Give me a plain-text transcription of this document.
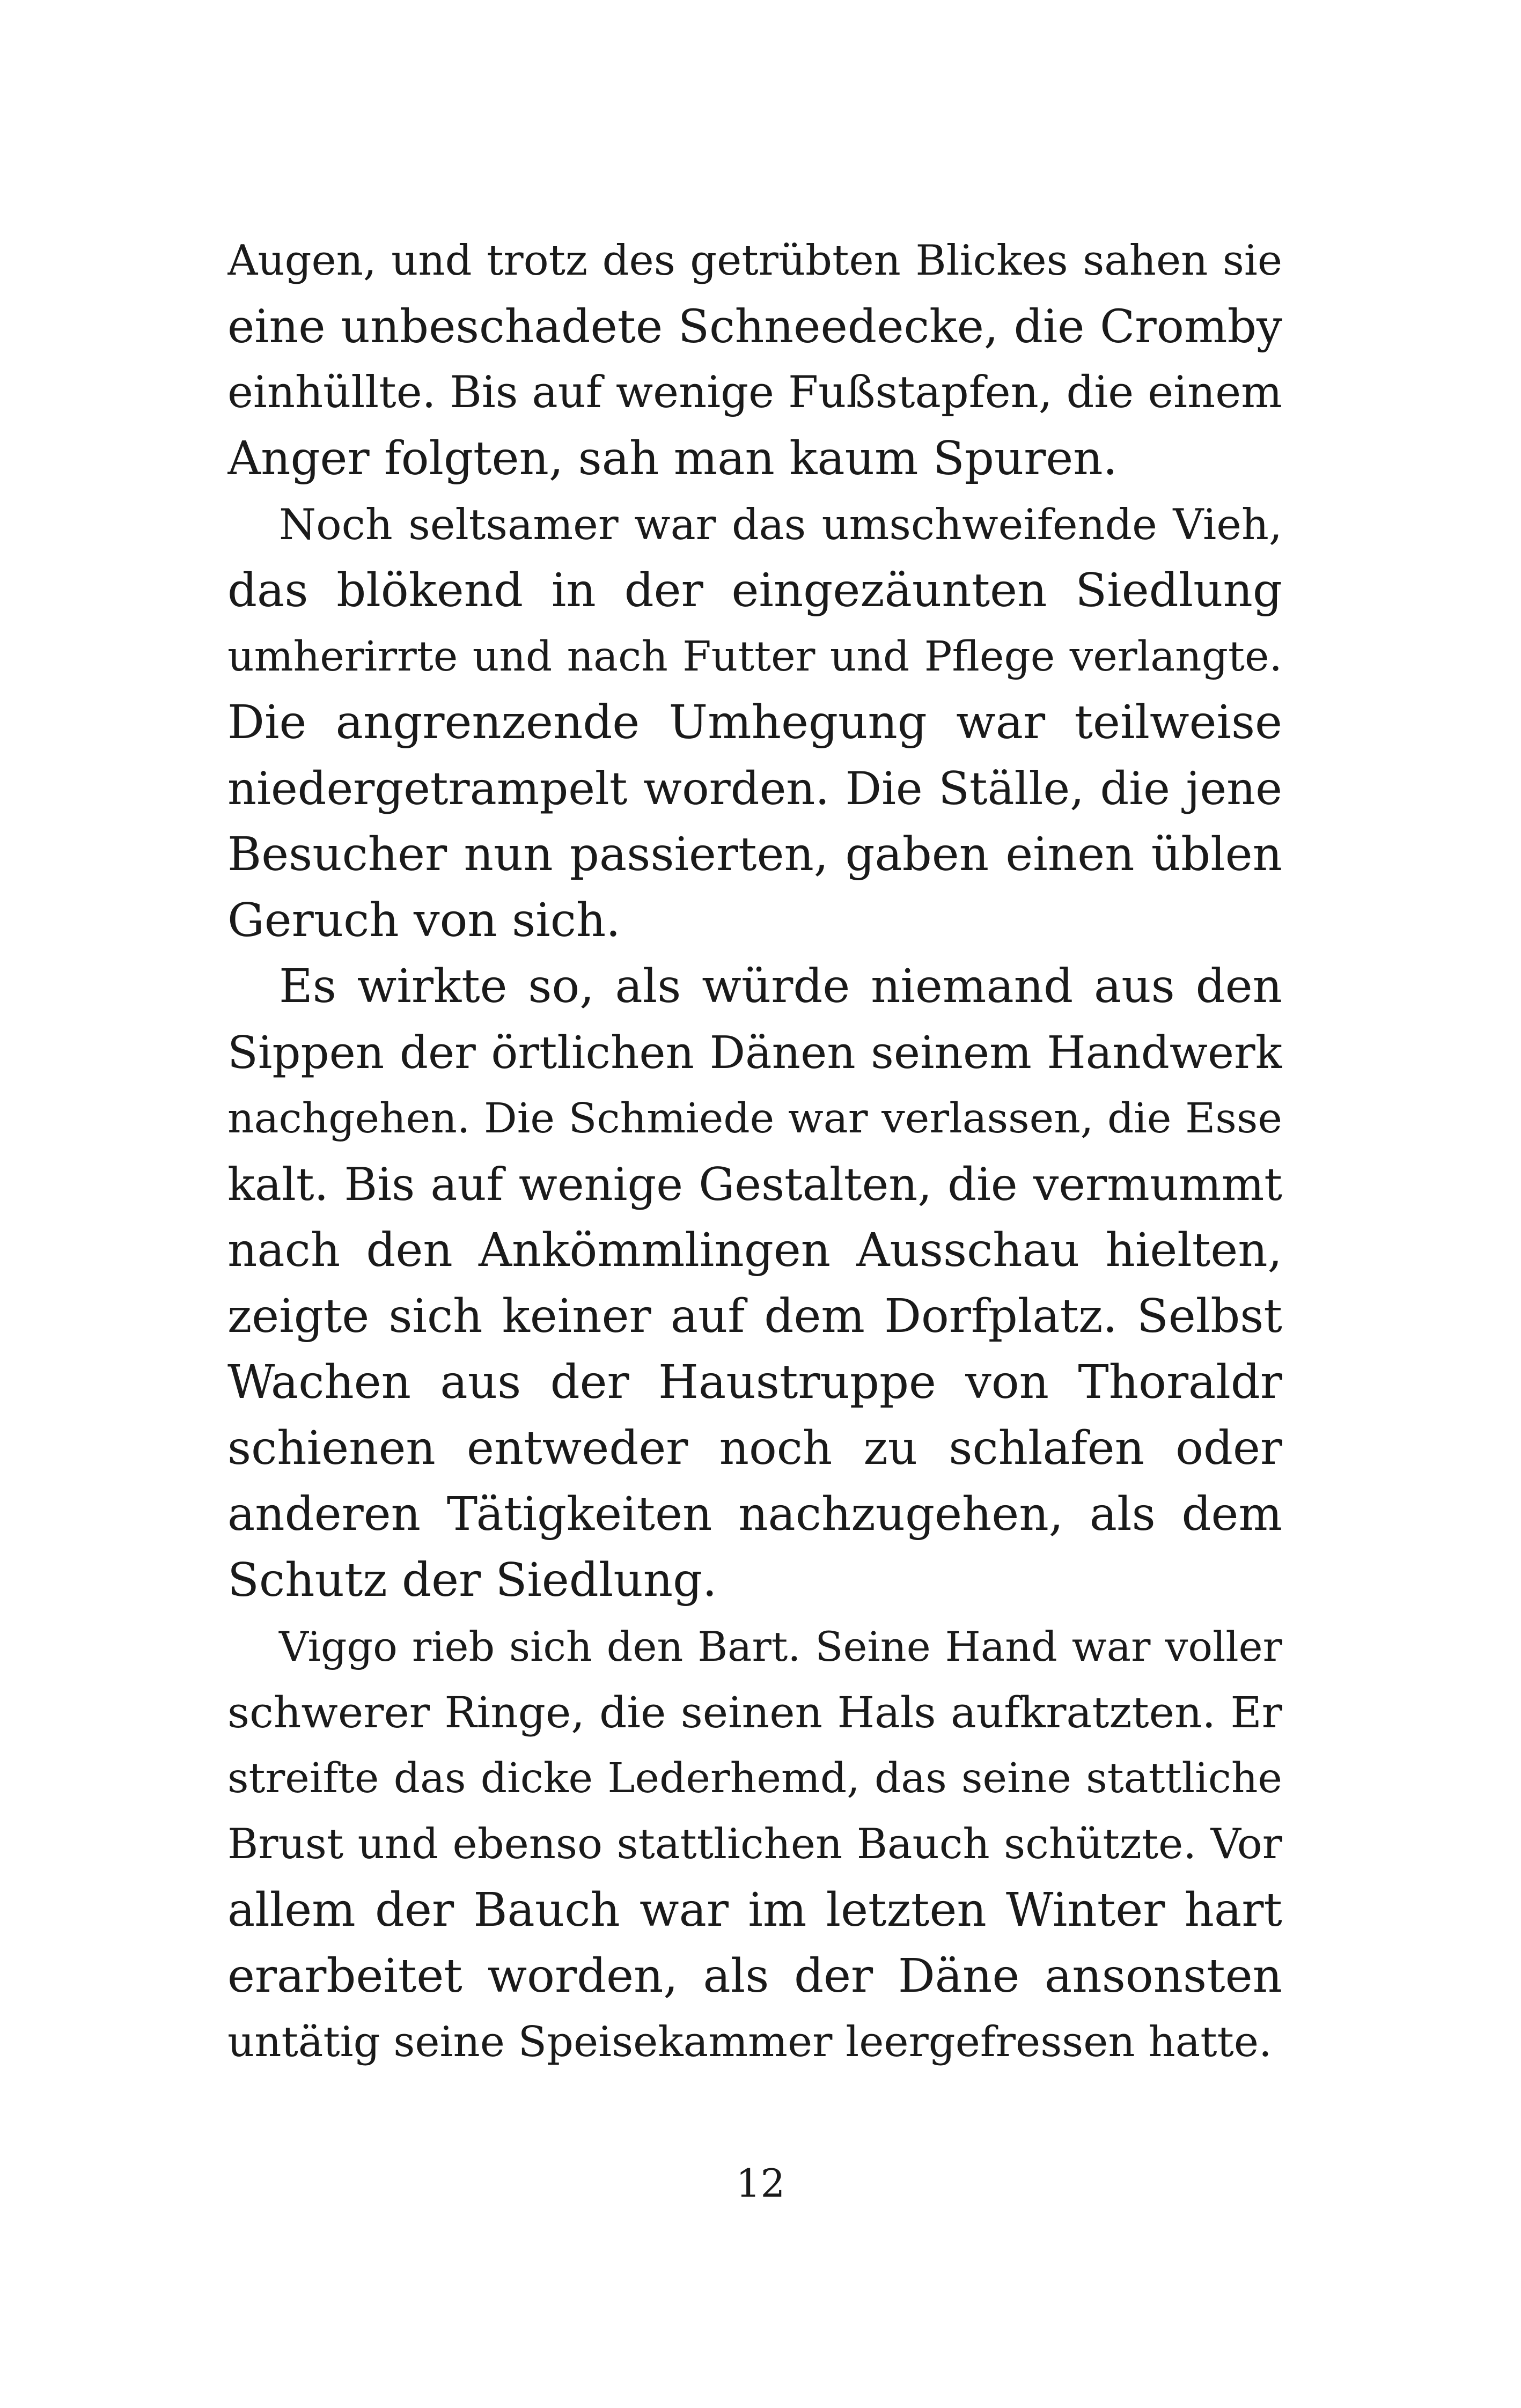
Augen, und trotz des getrübten Blickes sahen sie
eine unbeschadete Schneedecke, die Cromby
einhüllte. Bis auf wenige Fußstapfen, die einem
Anger folgten, sah man kaum Spuren.
Noch seltsamer war das umschweifende Vieh,
das blökend in der eingezäunten Siedlung
umherirrte und nach Futter und Pflege verlangte.
Die angrenzende Umhegung war teilweise
niedergetrampelt worden. Die Ställe, die jene
Besucher nun passierten, gaben einen üblen
Geruch von sich.
Es wirkte so, als würde niemand aus den
Sippen der örtlichen Dänen seinem Handwerk
nachgehen. Die Schmiede war verlassen, die Esse
kalt. Bis auf wenige Gestalten, die vermummt
nach den Ankömmlingen Ausschau hielten,
zeigte sich keiner auf dem Dorfplatz. Selbst
Wachen aus der Haustruppe von Thoraldr
schienen entweder noch zu schlafen oder
anderen Tätigkeiten nachzugehen, als dem
Schutz der Siedlung.
Viggo rieb sich den Bart. Seine Hand war voller
schwerer Ringe, die seinen Hals aufkratzten. Er
streifte das dicke Lederhemd, das seine stattliche
Brust und ebenso stattlichen Bauch schützte. Vor
allem der Bauch war im letzten Winter hart
erarbeitet worden, als der Däne ansonsten
untätig seine Speisekammer leergefressen hatte.
12
